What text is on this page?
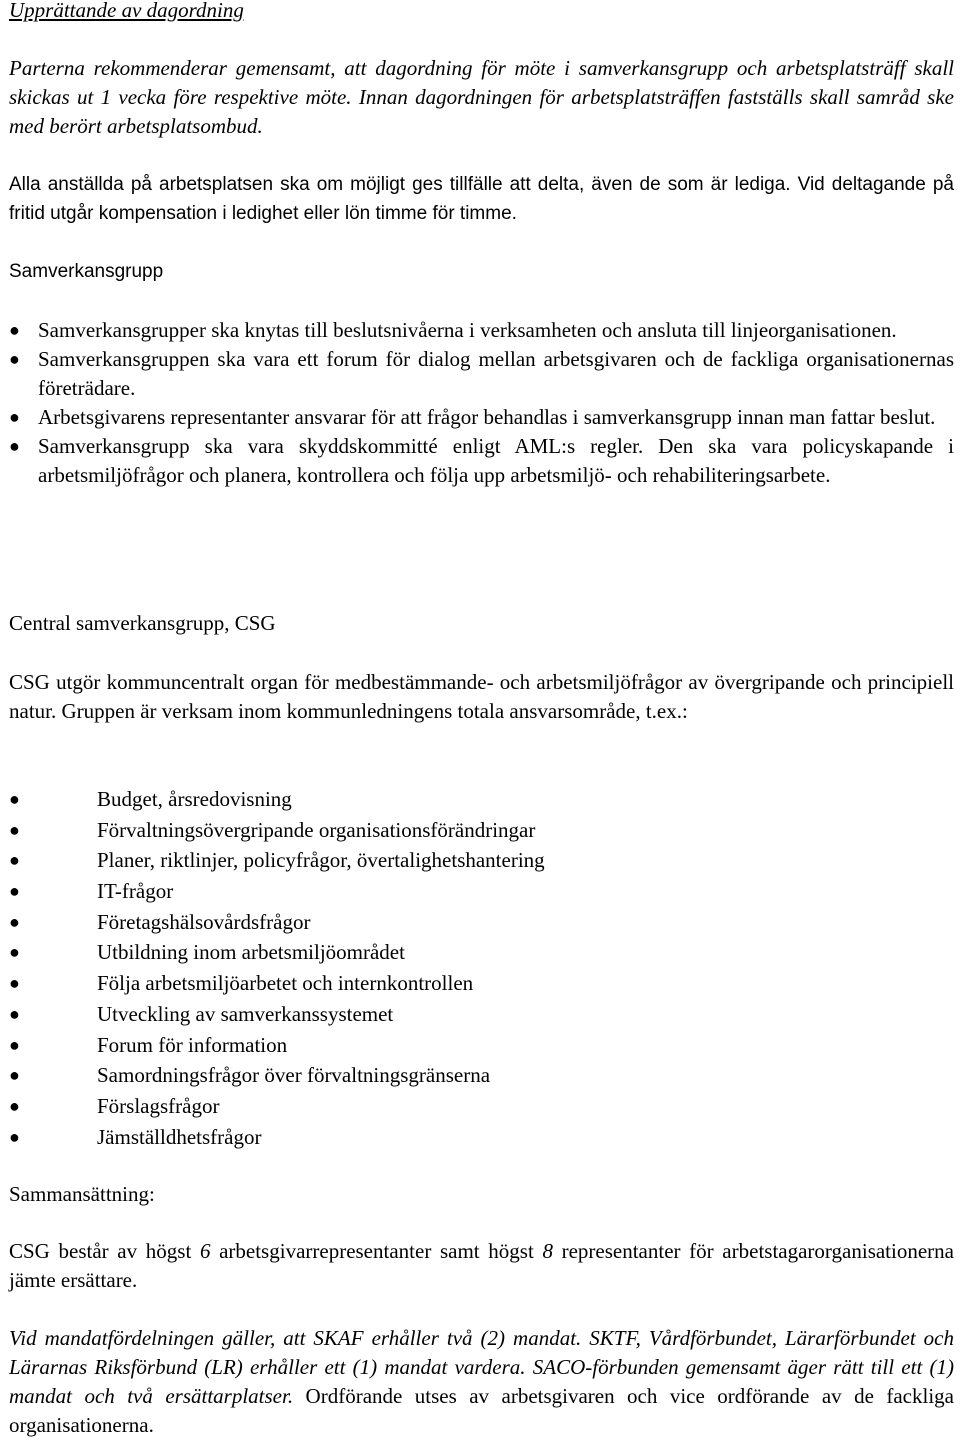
Upprättande av dagordning

Parterna rekommenderar gemensamt, att dagordning för möte i samverkansgrupp och arbetsplatsträff skall skickas ut 1 vecka före respektive möte. Innan dagordningen för arbetsplatsträffen fastställs skall samråd ske med berört arbetsplatsombud.

Alla anställda på arbetsplatsen ska om möjligt ges tillfälle att delta, även de som är lediga. Vid deltagande på fritid utgår kompensation i ledighet eller lön timme för timme.

Samverkansgrupp

● Samverkansgrupper ska knytas till beslutsnivåerna i verksamheten och ansluta till linjeorganisationen.
● Samverkansgruppen ska vara ett forum för dialog mellan arbetsgivaren och de fackliga organisationernas företrädare.
● Arbetsgivarens representanter ansvarar för att frågor behandlas i samverkansgrupp innan man fattar beslut.
● Samverkansgrupp ska vara skyddskommitté enligt AML:s regler. Den ska vara policyskapande i arbetsmiljöfrågor och planera, kontrollera och följa upp arbetsmiljö- och rehabiliteringsarbete.

Central samverkansgrupp, CSG

CSG utgör kommuncentralt organ för medbestämmande- och arbetsmiljöfrågor av övergripande och principiell natur. Gruppen är verksam inom kommunledningens totala ansvarsområde, t.ex.:

●	Budget, årsredovisning
●	Förvaltningsövergripande organisationsförändringar
●	Planer, riktlinjer, policyfrågor, övertalighetshantering
●	IT-frågor
●	Företagshälsovårdsfrågor
●	Utbildning inom arbetsmiljöområdet
●	Följa arbetsmiljöarbetet och internkontrollen
●	Utveckling av samverkanssystemet
●	Forum för information
●	Samordningsfrågor över förvaltningsgränserna
●	Förslagsfrågor
●	Jämställdhetsfrågor

Sammansättning:

CSG består av högst 6 arbetsgivarrepresentanter samt högst 8 representanter för arbetstagarorganisationerna jämte ersättare.

Vid mandatfördelningen gäller, att SKAF erhåller två (2) mandat. SKTF, Vårdförbundet, Lärarförbundet och Lärarnas Riksförbund (LR) erhåller ett (1) mandat vardera. SACO-förbunden gemensamt äger rätt till ett (1) mandat och två ersättarplatser. Ordförande utses av arbetsgivaren och vice ordförande av de fackliga organisationerna.
